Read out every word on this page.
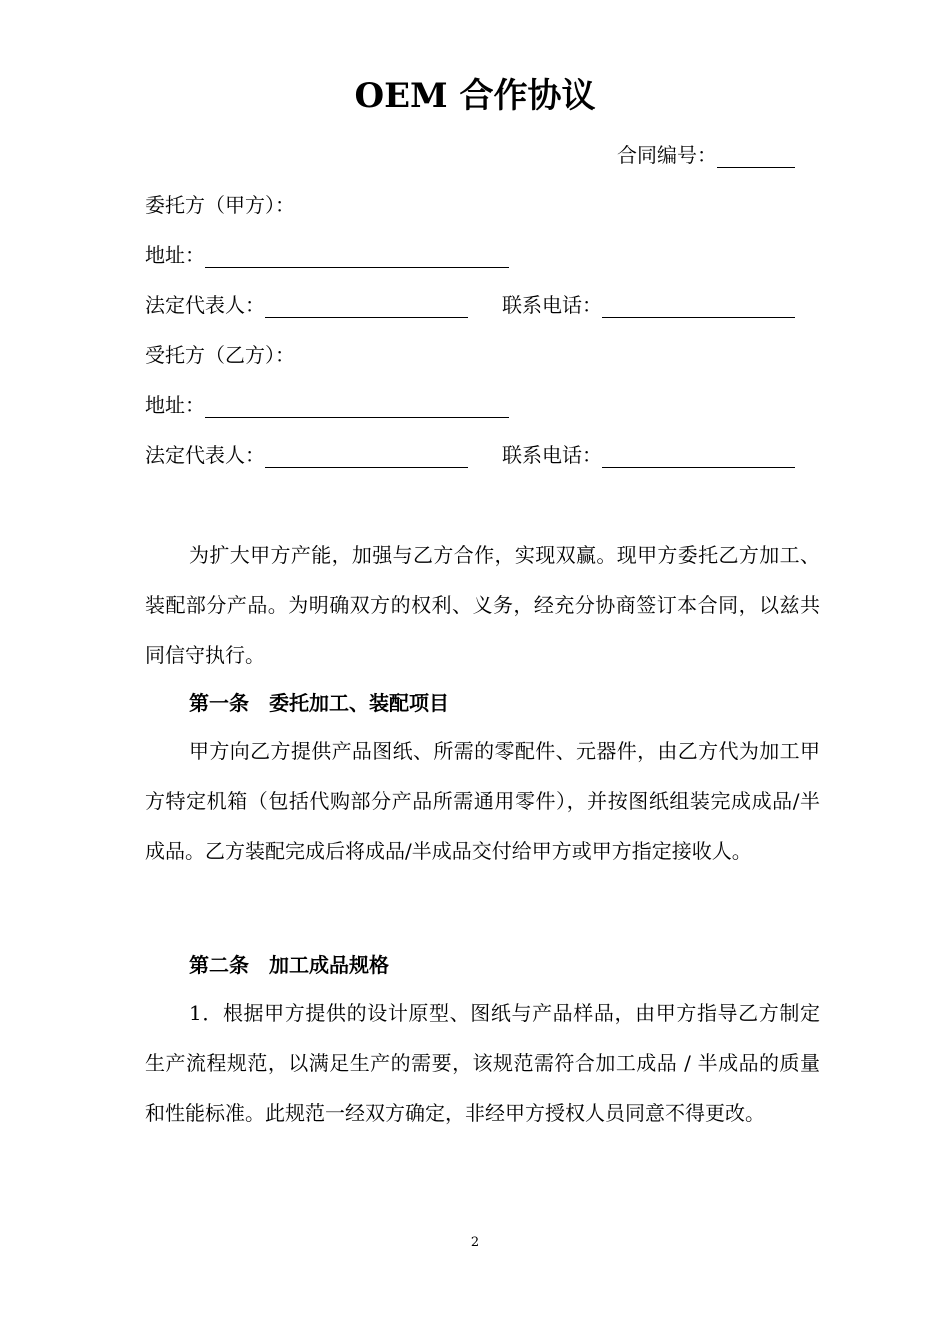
OEM 合作协议
合同编号：
委托方（甲方）：
地址：
法定代表人：	联系电话：
受托方（乙方）：
地址：
法定代表人：	联系电话：
为扩大甲方产能，加强与乙方合作，实现双赢。现甲方委托乙方加工、装配部分产品。为明确双方的权利、义务，经充分协商签订本合同，以兹共同信守执行。
第一条　委托加工、装配项目
甲方向乙方提供产品图纸、所需的零配件、元器件，由乙方代为加工甲方特定机箱（包括代购部分产品所需通用零件），并按图纸组装完成成品/半成品。乙方装配完成后将成品/半成品交付给甲方或甲方指定接收人。
第二条　加工成品规格
1．根据甲方提供的设计原型、图纸与产品样品，由甲方指导乙方制定生产流程规范，以满足生产的需要，该规范需符合加工成品 / 半成品的质量和性能标准。此规范一经双方确定，非经甲方授权人员同意不得更改。
2
